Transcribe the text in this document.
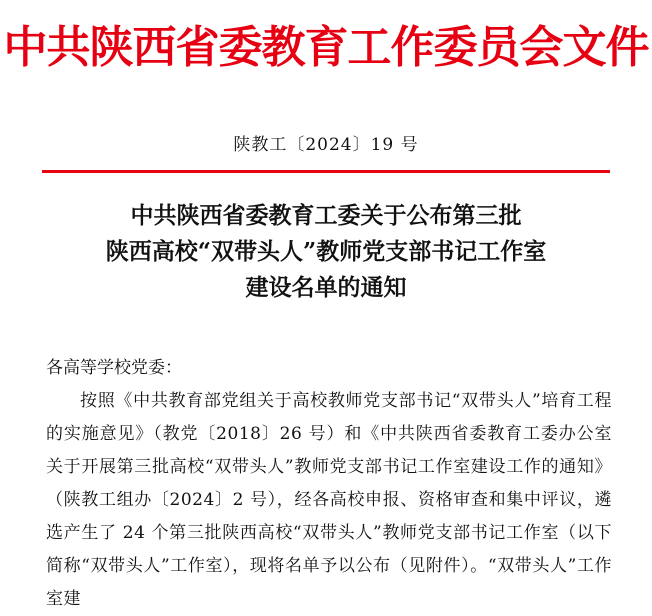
中共陕西省委教育工作委员会文件
陕教工〔2024〕19 号
中共陕西省委教育工委关于公布第三批
陕西高校“双带头人”教师党支部书记工作室
建设名单的通知
各高等学校党委：
按照《中共教育部党组关于高校教师党支部书记“双带头人”培育工程的实施意见》（教党〔2018〕26 号）和《中共陕西省委教育工委办公室关于开展第三批高校“双带头人”教师党支部书记工作室建设工作的通知》（陕教工组办〔2024〕2 号），经各高校申报、资格审查和集中评议，遴选产生了 24 个第三批陕西高校“双带头人”教师党支部书记工作室（以下简称“双带头人”工作室），现将名单予以公布（见附件）。“双带头人”工作室建
